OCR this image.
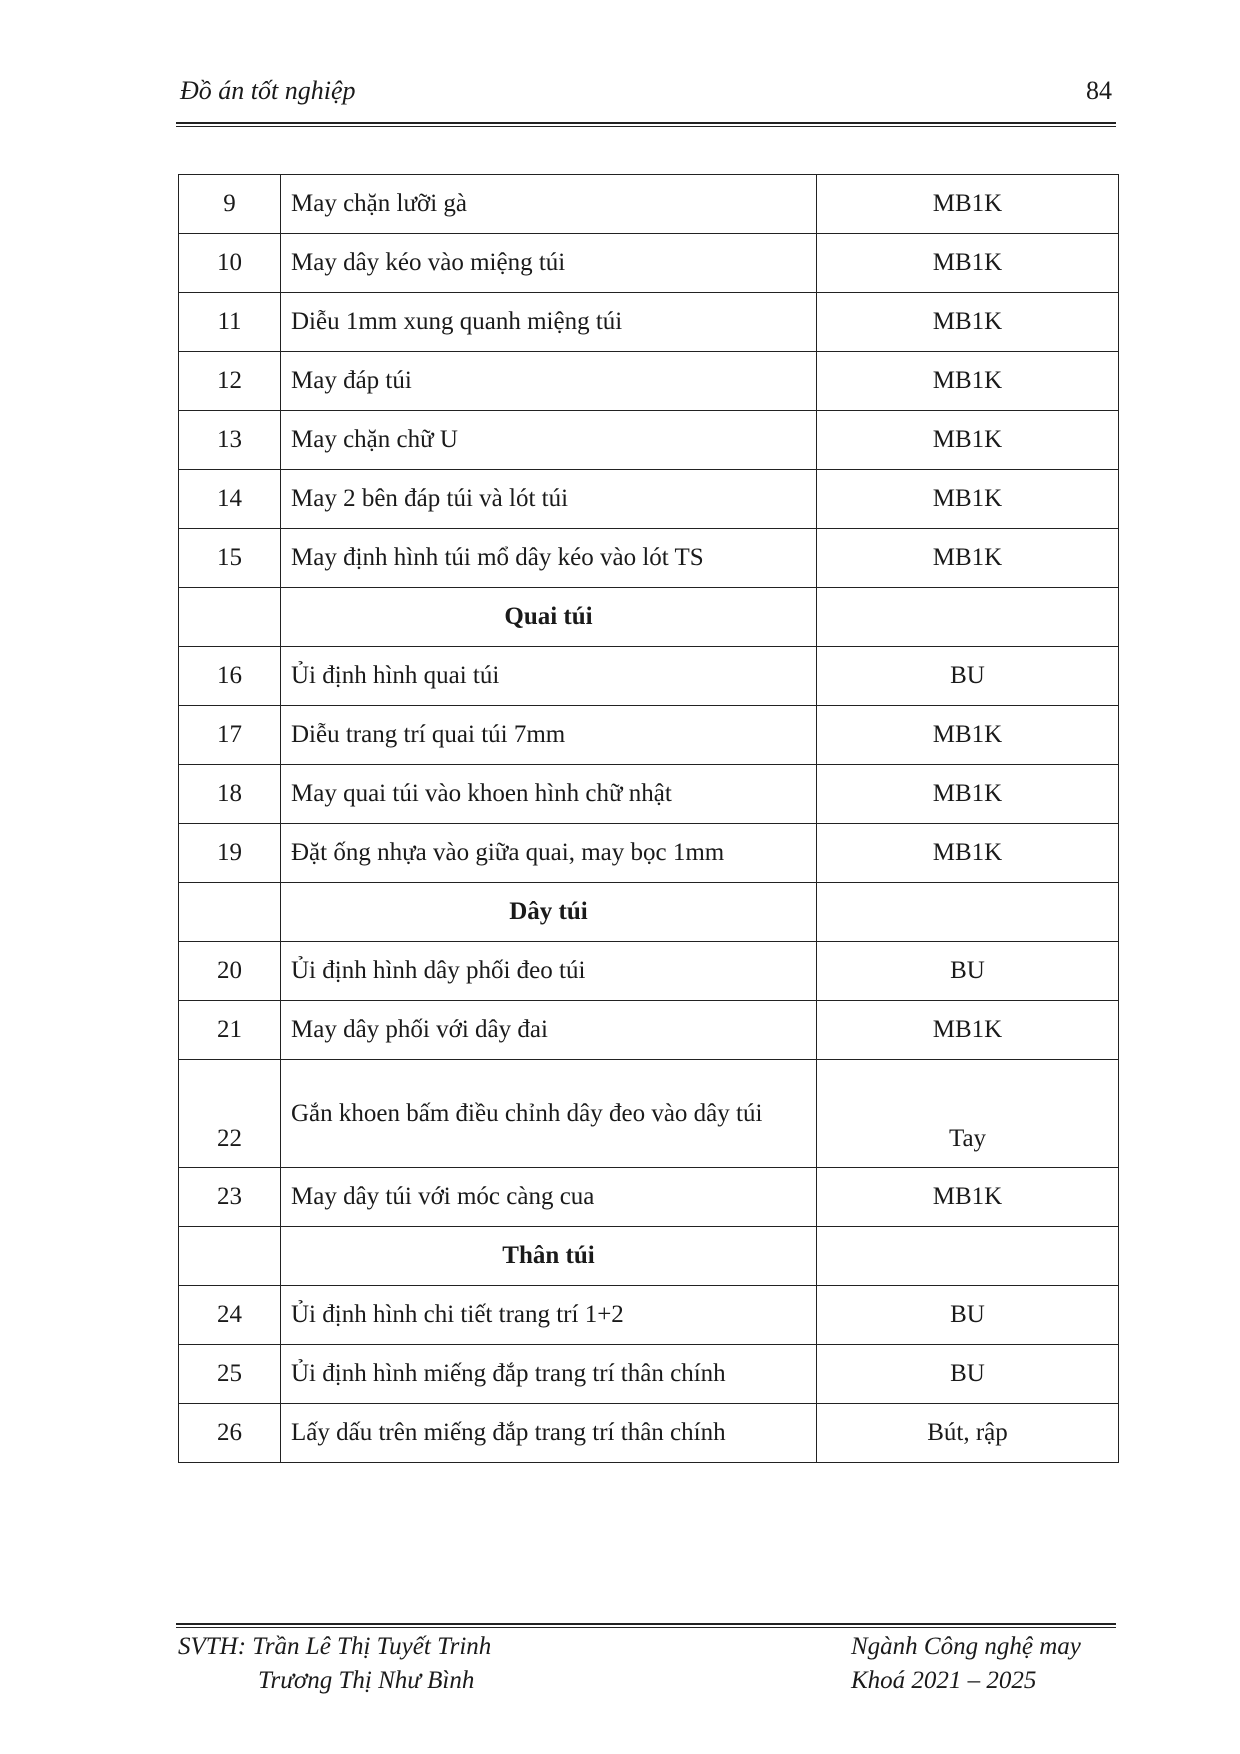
Đồ án tốt nghiệp	84
9	May chặn lưỡi gà	MB1K
10	May dây kéo vào miệng túi	MB1K
11	Diễu 1mm xung quanh miệng túi	MB1K
12	May đáp túi	MB1K
13	May chặn chữ U	MB1K
14	May 2 bên đáp túi và lót túi	MB1K
15	May định hình túi mổ dây kéo vào lót TS	MB1K
	Quai túi	
16	Ủi định hình quai túi	BU
17	Diễu trang trí quai túi 7mm	MB1K
18	May quai túi vào khoen hình chữ nhật	MB1K
19	Đặt ống nhựa vào giữa quai, may bọc 1mm	MB1K
	Dây túi	
20	Ủi định hình dây phối đeo túi	BU
21	May dây phối với dây đai	MB1K
22	Gắn khoen bấm điều chỉnh dây đeo vào dây túi	Tay
23	May dây túi với móc càng cua	MB1K
	Thân túi	
24	Ủi định hình chi tiết trang trí 1+2	BU
25	Ủi định hình miếng đắp trang trí thân chính	BU
26	Lấy dấu trên miếng đắp trang trí thân chính	Bút, rập
SVTH: Trần Lê Thị Tuyết Trinh
Trương Thị Như Bình
Ngành Công nghệ may
Khoá 2021 – 2025
